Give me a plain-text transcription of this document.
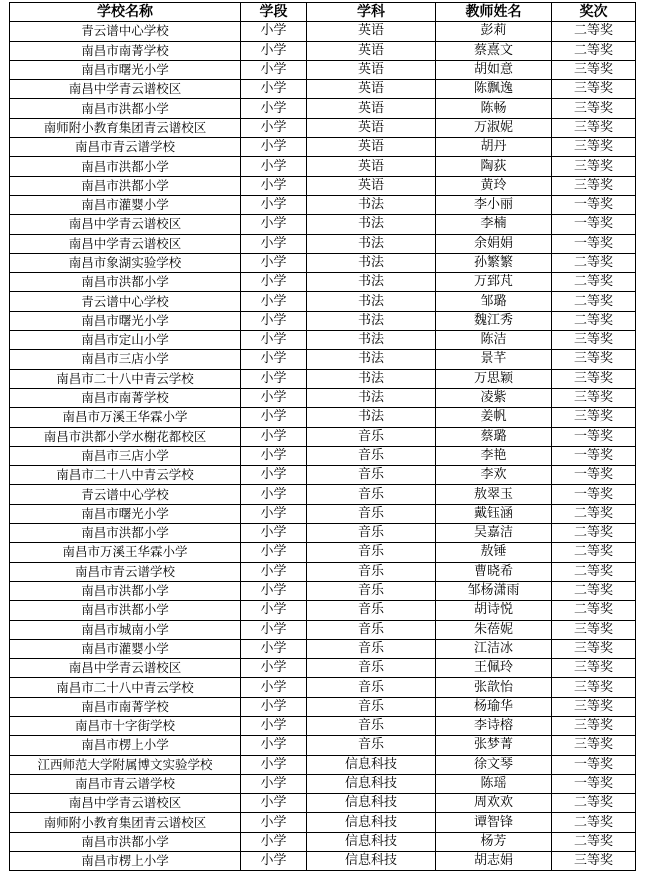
学校名称	学段	学科	教师姓名	奖次
青云谱中心学校	小学	英语	彭莉	二等奖
南昌市南菁学校	小学	英语	蔡熹文	二等奖
南昌市曙光小学	小学	英语	胡如意	三等奖
南昌中学青云谱校区	小学	英语	陈飘逸	三等奖
南昌市洪都小学	小学	英语	陈畅	三等奖
南师附小教育集团青云谱校区	小学	英语	万淑妮	三等奖
南昌市青云谱学校	小学	英语	胡丹	三等奖
南昌市洪都小学	小学	英语	陶荻	三等奖
南昌市洪都小学	小学	英语	黄玲	三等奖
南昌市灌婴小学	小学	书法	李小丽	一等奖
南昌中学青云谱校区	小学	书法	李楠	一等奖
南昌中学青云谱校区	小学	书法	余娟娟	一等奖
南昌市象湖实验学校	小学	书法	孙繁繁	二等奖
南昌市洪都小学	小学	书法	万郅芃	二等奖
青云谱中心学校	小学	书法	邹璐	二等奖
南昌市曙光小学	小学	书法	魏江秀	二等奖
南昌市定山小学	小学	书法	陈洁	三等奖
南昌市三店小学	小学	书法	景芊	三等奖
南昌市二十八中青云学校	小学	书法	万思颖	三等奖
南昌市南菁学校	小学	书法	凌紫	三等奖
南昌市万溪王华霖小学	小学	书法	姜帆	三等奖
南昌市洪都小学水榭花都校区	小学	音乐	蔡璐	一等奖
南昌市三店小学	小学	音乐	李艳	一等奖
南昌市二十八中青云学校	小学	音乐	李欢	一等奖
青云谱中心学校	小学	音乐	敖翠玉	一等奖
南昌市曙光小学	小学	音乐	戴钰涵	二等奖
南昌市洪都小学	小学	音乐	吴嘉洁	二等奖
南昌市万溪王华霖小学	小学	音乐	敖锤	二等奖
南昌市青云谱学校	小学	音乐	曹晓希	二等奖
南昌市洪都小学	小学	音乐	邹杨潇雨	二等奖
南昌市洪都小学	小学	音乐	胡诗悦	二等奖
南昌市城南小学	小学	音乐	朱蓓妮	三等奖
南昌市灌婴小学	小学	音乐	江洁冰	三等奖
南昌中学青云谱校区	小学	音乐	王佩玲	三等奖
南昌市二十八中青云学校	小学	音乐	张歆怡	三等奖
南昌市南菁学校	小学	音乐	杨瑜华	三等奖
南昌市十字街学校	小学	音乐	李诗榕	三等奖
南昌市楞上小学	小学	音乐	张梦菁	三等奖
江西师范大学附属博文实验学校	小学	信息科技	徐文琴	一等奖
南昌市青云谱学校	小学	信息科技	陈瑶	一等奖
南昌中学青云谱校区	小学	信息科技	周欢欢	二等奖
南师附小教育集团青云谱校区	小学	信息科技	谭智锋	二等奖
南昌市洪都小学	小学	信息科技	杨芳	二等奖
南昌市楞上小学	小学	信息科技	胡志娟	三等奖
